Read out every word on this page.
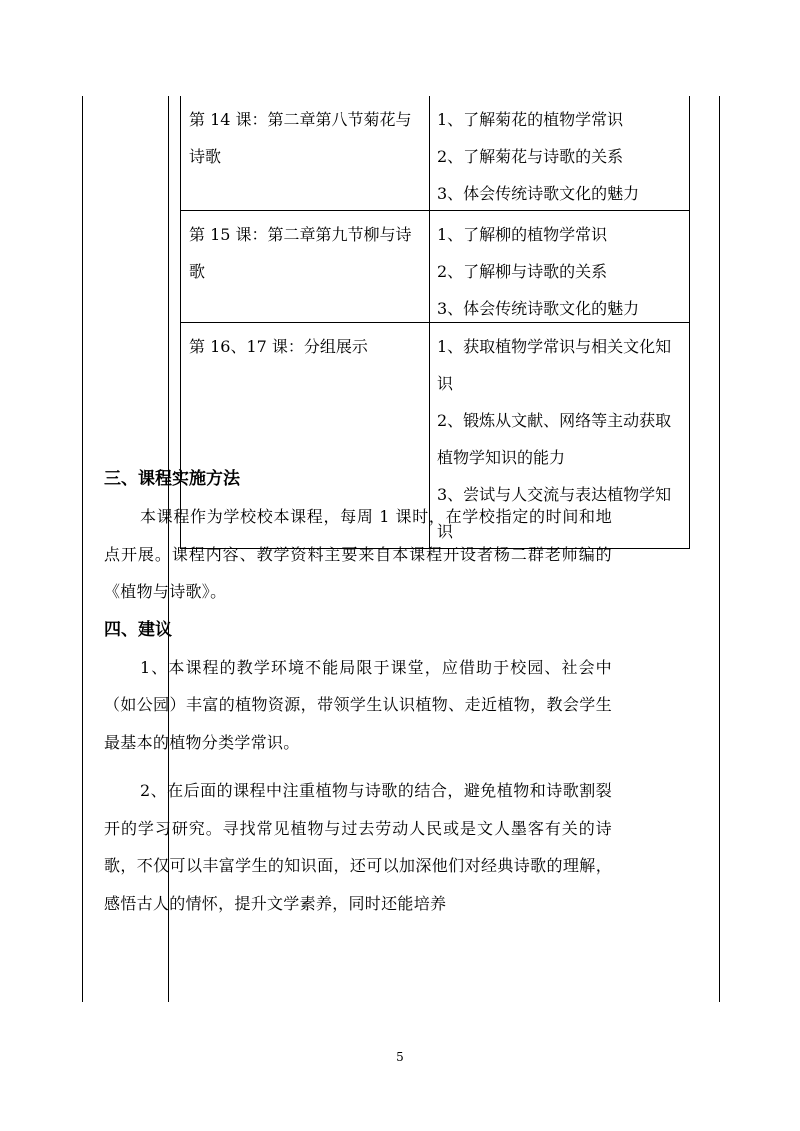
第 14 课：第二章第八节菊花与诗歌
1、了解菊花的植物学常识
2、了解菊花与诗歌的关系
3、体会传统诗歌文化的魅力
第 15 课：第二章第九节柳与诗歌
1、了解柳的植物学常识
2、了解柳与诗歌的关系
3、体会传统诗歌文化的魅力
第 16、17 课：分组展示	1、获取植物学常识与相关文化知识
2、锻炼从文献、网络等主动获取植物学知识的能力
3、尝试与人交流与表达植物学知识

三、课程实施方法

本课程作为学校校本课程，每周 1 课时，在学校指定的时间和地点开展。课程内容、教学资料主要来自本课程开设者杨二群老师编的《植物与诗歌》。

四、建议

1、本课程的教学环境不能局限于课堂，应借助于校园、社会中（如公园）丰富的植物资源，带领学生认识植物、走近植物，教会学生最基本的植物分类学常识。

2、在后面的课程中注重植物与诗歌的结合，避免植物和诗歌割裂开的学习研究。寻找常见植物与过去劳动人民或是文人墨客有关的诗歌，不仅可以丰富学生的知识面，还可以加深他们对经典诗歌的理解，感悟古人的情怀，提升文学素养，同时还能培养

5
